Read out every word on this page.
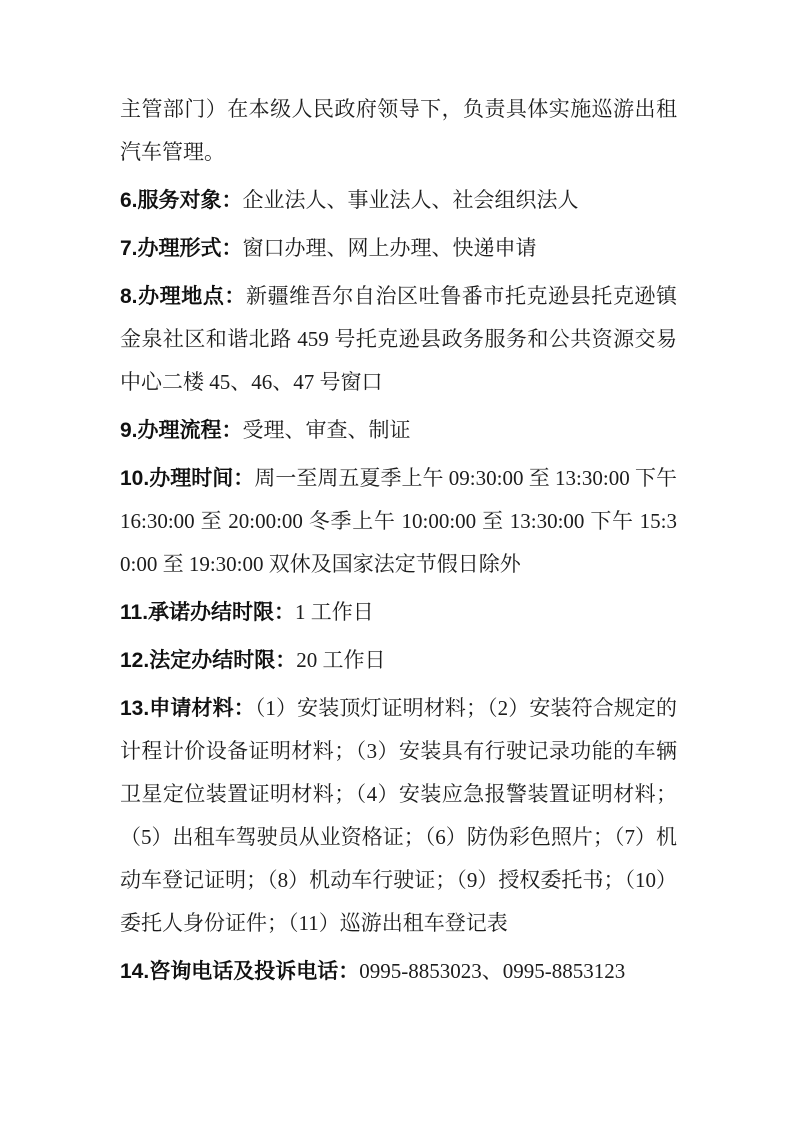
主管部门）在本级人民政府领导下，负责具体实施巡游出租汽车管理。

6.服务对象：企业法人、事业法人、社会组织法人

7.办理形式：窗口办理、网上办理、快递申请

8.办理地点：新疆维吾尔自治区吐鲁番市托克逊县托克逊镇金泉社区和谐北路 459 号托克逊县政务服务和公共资源交易中心二楼 45、46、47 号窗口

9.办理流程：受理、审查、制证

10.办理时间：周一至周五夏季上午 09:30:00 至 13:30:00 下午 16:30:00 至 20:00:00 冬季上午 10:00:00 至 13:30:00 下午 15:30:00 至 19:30:00 双休及国家法定节假日除外

11.承诺办结时限：1 工作日

12.法定办结时限：20 工作日

13.申请材料：（1）安装顶灯证明材料；（2）安装符合规定的计程计价设备证明材料；（3）安装具有行驶记录功能的车辆卫星定位装置证明材料；（4）安装应急报警装置证明材料；（5）出租车驾驶员从业资格证；（6）防伪彩色照片；（7）机动车登记证明；（8）机动车行驶证；（9）授权委托书；（10）委托人身份证件；（11）巡游出租车登记表

14.咨询电话及投诉电话：0995-8853023、0995-8853123
